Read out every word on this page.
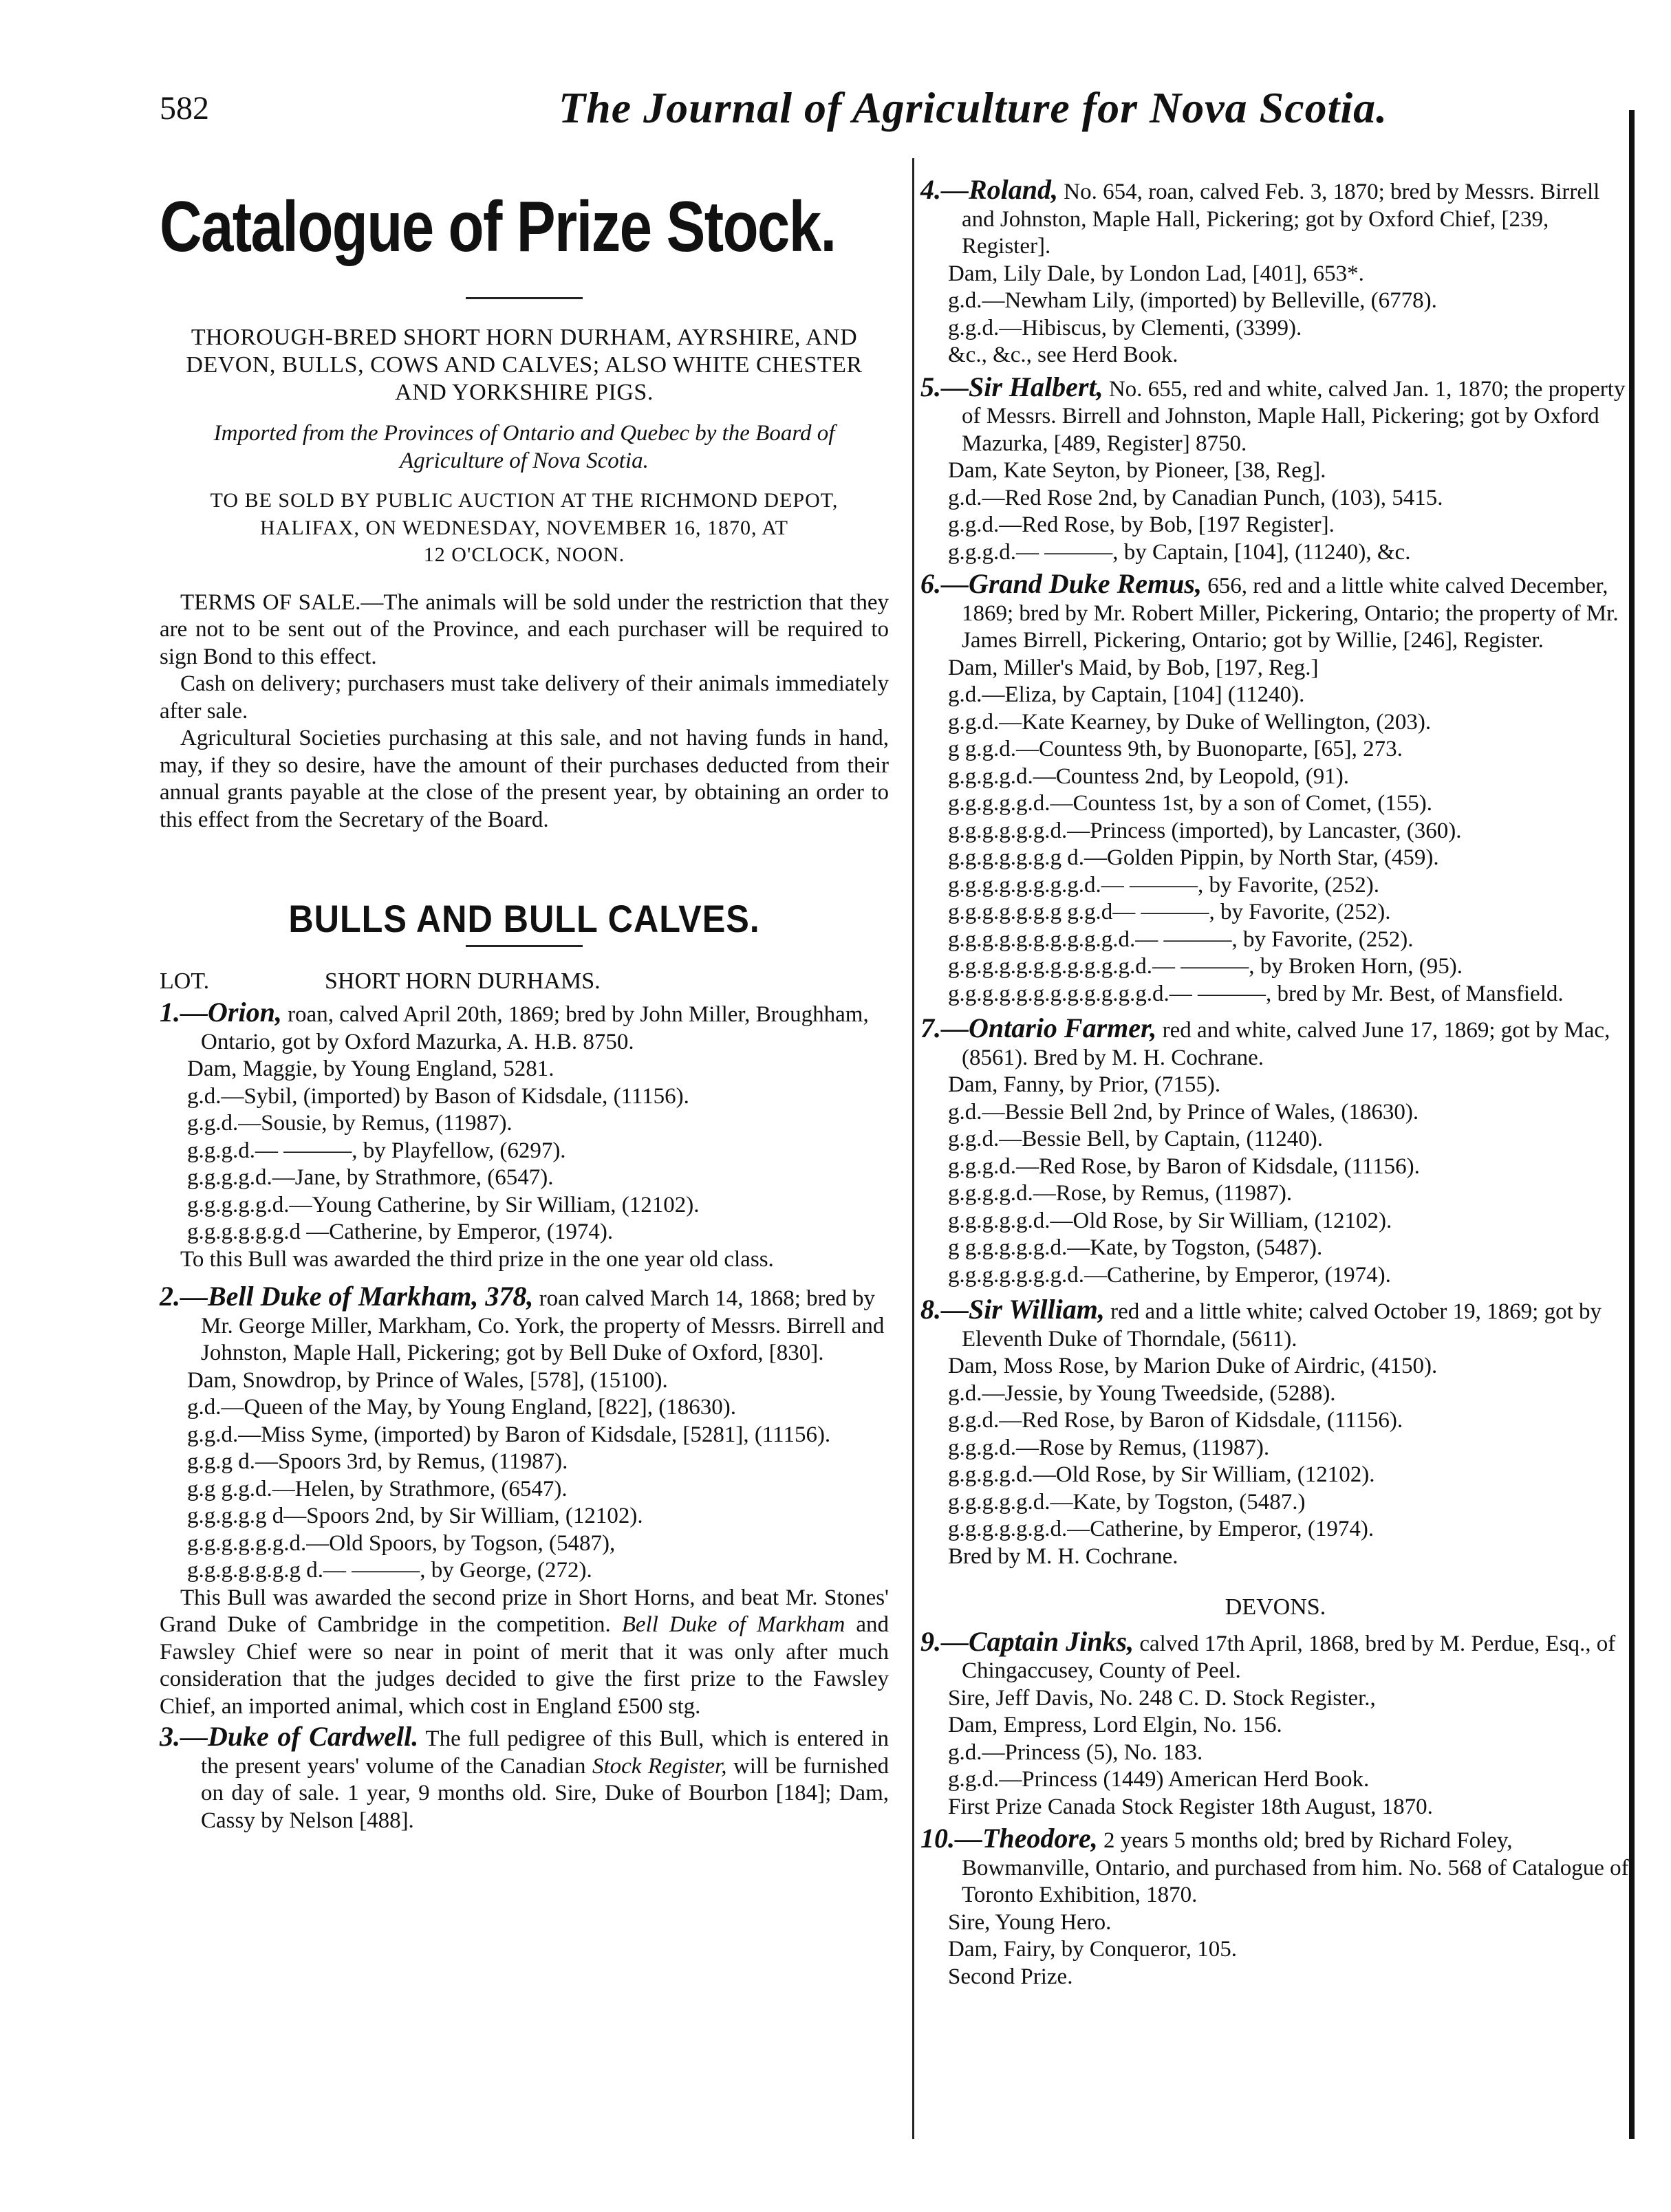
582	The Journal of Agriculture for Nova Scotia.
Catalogue of Prize Stock.
THOROUGH-BRED SHORT HORN DURHAM, AYRSHIRE, AND DEVON, BULLS, COWS AND CALVES; ALSO WHITE CHESTER AND YORKSHIRE PIGS.
Imported from the Provinces of Ontario and Quebec by the Board of Agriculture of Nova Scotia.
TO BE SOLD BY PUBLIC AUCTION AT THE RICHMOND DEPOT,
HALIFAX, ON WEDNESDAY, NOVEMBER 16, 1870, AT
12 O'CLOCK, NOON.

TERMS OF SALE.—The animals will be sold under the restriction that they are not to be sent out of the Province, and each purchaser will be required to sign Bond to this effect.

Cash on delivery; purchasers must take delivery of their animals immediately after sale.

Agricultural Societies purchasing at this sale, and not having funds in hand, may, if they so desire, have the amount of their purchases deducted from their annual grants payable at the close of the present year, by obtaining an order to this effect from the Secretary of the Board.

BULLS AND BULL CALVES.
LOT.	SHORT HORN DURHAMS.

1.—Orion, roan, calved April 20th, 1869; bred by John Miller, Broughham, Ontario, got by Oxford Mazurka, A. H.B. 8750.

Dam, Maggie, by Young England, 5281.
g.d.—Sybil, (imported) by Bason of Kidsdale, (11156).
g.g.d.—Sousie, by Remus, (11987).
g.g.g.d.— ———, by Playfellow, (6297).
g.g.g.g.d.—Jane, by Strathmore, (6547).
g.g.g.g.g.d.—Young Catherine, by Sir William, (12102).
g.g.g.g.g.g.d —Catherine, by Emperor, (1974).

To this Bull was awarded the third prize in the one year old class.

2.—Bell Duke of Markham, 378, roan calved March 14, 1868; bred by Mr. George Miller, Markham, Co. York, the property of Messrs. Birrell and Johnston, Maple Hall, Pickering; got by Bell Duke of Oxford, [830].

Dam, Snowdrop, by Prince of Wales, [578], (15100).
g.d.—Queen of the May, by Young England, [822], (18630).
g.g.d.—Miss Syme, (imported) by Baron of Kidsdale, [5281], (11156).
g.g.g d.—Spoors 3rd, by Remus, (11987).
g.g g.g.d.—Helen, by Strathmore, (6547).
g.g.g.g.g d—Spoors 2nd, by Sir William, (12102).
g.g.g.g.g.g.d.—Old Spoors, by Togson, (5487),
g.g.g.g.g.g.g d.— ———, by George, (272).

This Bull was awarded the second prize in Short Horns, and beat Mr. Stones' Grand Duke of Cambridge in the competition. Bell Duke of Markham and Fawsley Chief were so near in point of merit that it was only after much consideration that the judges decided to give the first prize to the Fawsley Chief, an imported animal, which cost in England £500 stg.

3.—Duke of Cardwell. The full pedigree of this Bull, which is entered in the present years' volume of the Canadian Stock Register, will be furnished on day of sale. 1 year, 9 months old. Sire, Duke of Bourbon [184]; Dam, Cassy by Nelson [488].

4.—Roland, No. 654, roan, calved Feb. 3, 1870; bred by Messrs. Birrell and Johnston, Maple Hall, Pickering; got by Oxford Chief, [239, Register].

Dam, Lily Dale, by London Lad, [401], 653*.
g.d.—Newham Lily, (imported) by Belleville, (6778).
g.g.d.—Hibiscus, by Clementi, (3399).
&c., &c., see Herd Book.

5.—Sir Halbert, No. 655, red and white, calved Jan. 1, 1870; the property of Messrs. Birrell and Johnston, Maple Hall, Pickering; got by Oxford Mazurka, [489, Register] 8750.

Dam, Kate Seyton, by Pioneer, [38, Reg].
g.d.—Red Rose 2nd, by Canadian Punch, (103), 5415.
g.g.d.—Red Rose, by Bob, [197 Register].
g.g.g.d.— ———, by Captain, [104], (11240), &c.

6.—Grand Duke Remus, 656, red and a little white calved December, 1869; bred by Mr. Robert Miller, Pickering, Ontario; the property of Mr. James Birrell, Pickering, Ontario; got by Willie, [246], Register.

Dam, Miller's Maid, by Bob, [197, Reg.]
g.d.—Eliza, by Captain, [104] (11240).
g.g.d.—Kate Kearney, by Duke of Wellington, (203).
g g.g.d.—Countess 9th, by Buonoparte, [65], 273.
g.g.g.g.d.—Countess 2nd, by Leopold, (91).
g.g.g.g.g.d.—Countess 1st, by a son of Comet, (155).
g.g.g.g.g.g.d.—Princess (imported), by Lancaster, (360).
g.g.g.g.g.g.g d.—Golden Pippin, by North Star, (459).
g.g.g.g.g.g.g.g.d.— ———, by Favorite, (252).
g.g.g.g.g.g.g g.g.d— ———, by Favorite, (252).
g.g.g.g.g.g.g.g.g.g.d.— ———, by Favorite, (252).
g.g.g.g.g.g.g.g.g.g.g.d.— ———, by Broken Horn, (95).
g.g.g.g.g.g.g.g.g.g.g.g.d.— ———, bred by Mr. Best, of Mansfield.

7.—Ontario Farmer, red and white, calved June 17, 1869; got by Mac, (8561). Bred by M. H. Cochrane.

Dam, Fanny, by Prior, (7155).
g.d.—Bessie Bell 2nd, by Prince of Wales, (18630).
g.g.d.—Bessie Bell, by Captain, (11240).
g.g.g.d.—Red Rose, by Baron of Kidsdale, (11156).
g.g.g.g.d.—Rose, by Remus, (11987).
g.g.g.g.g.d.—Old Rose, by Sir William, (12102).
g g.g.g.g.g.d.—Kate, by Togston, (5487).
g.g.g.g.g.g.g.d.—Catherine, by Emperor, (1974).

8.—Sir William, red and a little white; calved October 19, 1869; got by Eleventh Duke of Thorndale, (5611).

Dam, Moss Rose, by Marion Duke of Airdric, (4150).
g.d.—Jessie, by Young Tweedside, (5288).
g.g.d.—Red Rose, by Baron of Kidsdale, (11156).
g.g.g.d.—Rose by Remus, (11987).
g.g.g.g.d.—Old Rose, by Sir William, (12102).
g.g.g.g.g.d.—Kate, by Togston, (5487.)
g.g.g.g.g.g.d.—Catherine, by Emperor, (1974).
Bred by M. H. Cochrane.
DEVONS.

9.—Captain Jinks, calved 17th April, 1868, bred by M. Perdue, Esq., of Chingaccusey, County of Peel.

Sire, Jeff Davis, No. 248 C. D. Stock Register.,
Dam, Empress, Lord Elgin, No. 156.
g.d.—Princess (5), No. 183.
g.g.d.—Princess (1449) American Herd Book.
First Prize Canada Stock Register 18th August, 1870.

10.—Theodore, 2 years 5 months old; bred by Richard Foley, Bowmanville, Ontario, and purchased from him. No. 568 of Catalogue of Toronto Exhibition, 1870.

Sire, Young Hero.
Dam, Fairy, by Conqueror, 105.
Second Prize.
